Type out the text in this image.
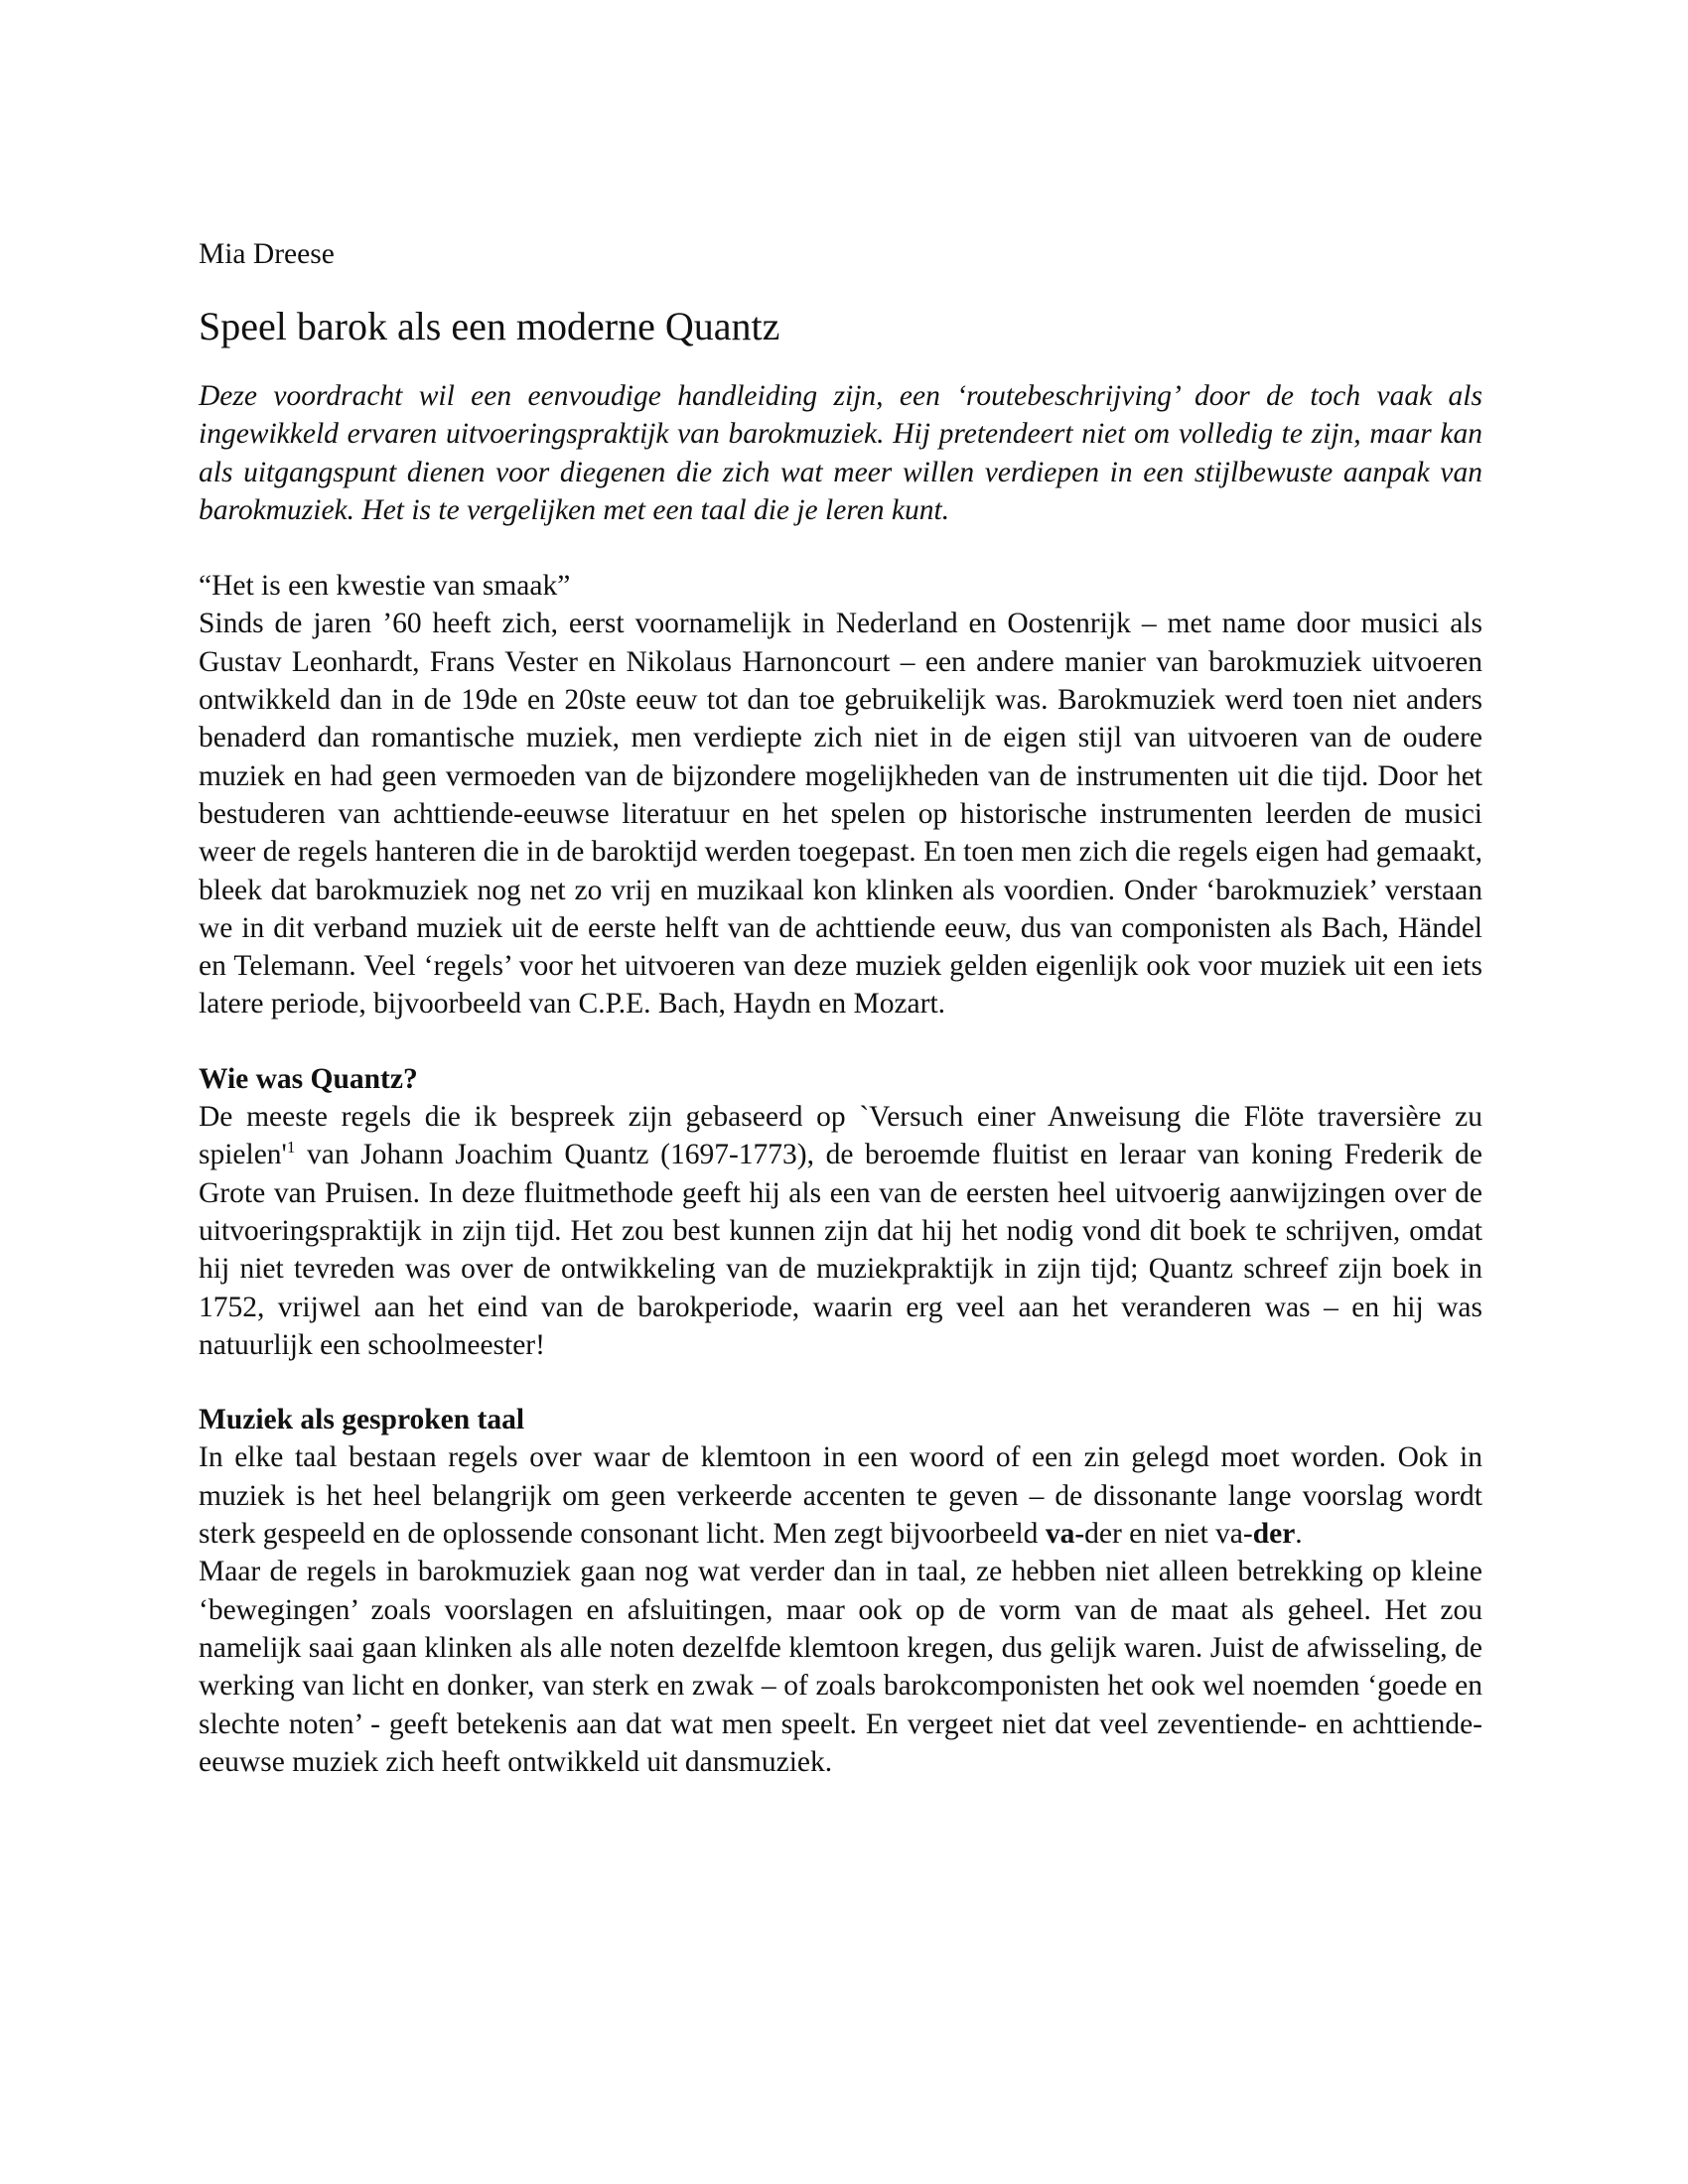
Mia Dreese

Speel barok als een moderne Quantz

Deze voordracht wil een eenvoudige handleiding zijn, een ‘routebeschrijving’ door de toch vaak als ingewikkeld ervaren uitvoeringspraktijk van barokmuziek. Hij pretendeert niet om volledig te zijn, maar kan als uitgangspunt dienen voor diegenen die zich wat meer willen verdiepen in een stijlbewuste aanpak van barokmuziek. Het is te vergelijken met een taal die je leren kunt.

“Het is een kwestie van smaak”

Sinds de jaren ’60 heeft zich, eerst voornamelijk in Nederland en Oostenrijk – met name door musici als Gustav Leonhardt, Frans Vester en Nikolaus Harnoncourt – een andere manier van barokmuziek uitvoeren ontwikkeld dan in de 19de en 20ste eeuw tot dan toe gebruikelijk was. Barokmuziek werd toen niet anders benaderd dan romantische muziek, men verdiepte zich niet in de eigen stijl van uitvoeren van de oudere muziek en had geen vermoeden van de bijzondere mogelijkheden van de instrumenten uit die tijd. Door het bestuderen van achttiende-eeuwse literatuur en het spelen op historische instrumenten leerden de musici weer de regels hanteren die in de baroktijd werden toegepast. En toen men zich die regels eigen had gemaakt, bleek dat barokmuziek nog net zo vrij en muzikaal kon klinken als voordien. Onder ‘barokmuziek’ verstaan we in dit verband muziek uit de eerste helft van de achttiende eeuw, dus van componisten als Bach, Händel en Telemann. Veel ‘regels’ voor het uitvoeren van deze muziek gelden eigenlijk ook voor muziek uit een iets latere periode, bijvoorbeeld van C.P.E. Bach, Haydn en Mozart.

Wie was Quantz?

De meeste regels die ik bespreek zijn gebaseerd op `Versuch einer Anweisung die Flöte traversière zu $spielen'^1$ van Johann Joachim Quantz (1697-1773), de beroemde fluitist en leraar van koning Frederik de Grote van Pruisen. In deze fluitmethode geeft hij als een van de eersten heel uitvoerig aanwijzingen over de uitvoeringspraktijk in zijn tijd. Het zou best kunnen zijn dat hij het nodig vond dit boek te schrijven, omdat hij niet tevreden was over de ontwikkeling van de muziekpraktijk in zijn tijd; Quantz schreef zijn boek in 1752, vrijwel aan het eind van de barokperiode, waarin erg veel aan het veranderen was – en hij was natuurlijk een schoolmeester!

Muziek als gesproken taal

In elke taal bestaan regels over waar de klemtoon in een woord of een zin gelegd moet worden. Ook in muziek is het heel belangrijk om geen verkeerde accenten te geven – de dissonante lange voorslag wordt sterk gespeeld en de oplossende consonant licht. Men zegt bijvoorbeeld va-der en niet va-der.

Maar de regels in barokmuziek gaan nog wat verder dan in taal, ze hebben niet alleen betrekking op kleine ‘bewegingen’ zoals voorslagen en afsluitingen, maar ook op de vorm van de maat als geheel. Het zou namelijk saai gaan klinken als alle noten dezelfde klemtoon kregen, dus gelijk waren. Juist de afwisseling, de werking van licht en donker, van sterk en zwak – of zoals barokcomponisten het ook wel noemden ‘goede en slechte noten’ - geeft betekenis aan dat wat men speelt. En vergeet niet dat veel zeventiende- en achttiende-eeuwse muziek zich heeft ontwikkeld uit dansmuziek.
